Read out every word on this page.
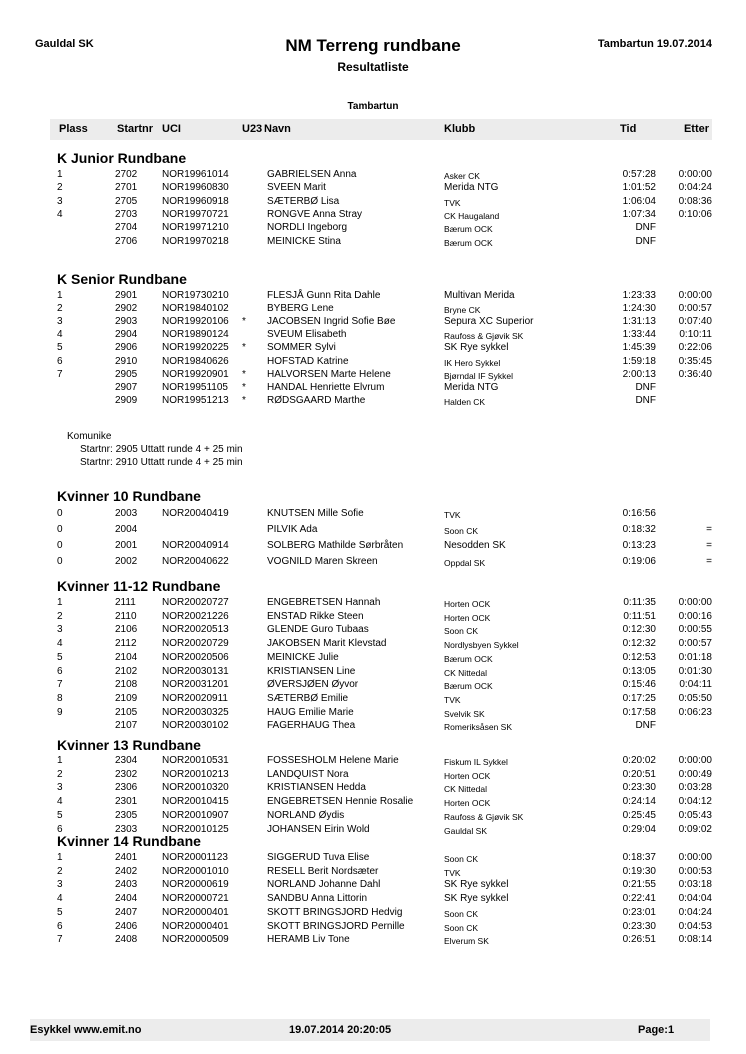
Gauldal SK	NM Terreng rundbane
Resultatliste
Tambartun 19.07.2014
Tambartun
Plass	Startnr UCI	U23 Navn	Klubb	Tid	Etter
K Junior Rundbane
1	2702 NOR19961014	GABRIELSEN Anna	Asker CK	0:57:28 0:00:00
2	2701 NOR19960830	SVEEN Marit	Merida NTG	1:01:52 0:04:24
3	2705 NOR19960918	SÆTERBØ Lisa	TVK	1:06:04 0:08:36
4	2703 NOR19970721	RONGVE Anna Stray	CK Haugaland	1:07:34 0:10:06
2704 NOR19971210	NORDLI Ingeborg	Bærum OCK	DNF
2706 NOR19970218	MEINICKE Stina	Bærum OCK	DNF
K Senior Rundbane
1	2901 NOR19730210	FLESJÅ Gunn Rita Dahle	Multivan Merida	1:23:33 0:00:00
2	2902 NOR19840102	BYBERG Lene	Bryne CK	1:24:30 0:00:57
3	2903 NOR19920106 * JACOBSEN Ingrid Sofie Bøe	Sepura XC Superior	1:31:13 0:07:40
4	2904 NOR19890124	SVEUM Elisabeth	Raufoss & Gjøvik SK	1:33:44 0:10:11
5	2906 NOR19920225 * SOMMER Sylvi	SK Rye sykkel	1:45:39 0:22:06
6	2910 NOR19840626	HOFSTAD Katrine	IK Hero Sykkel	1:59:18 0:35:45
7	2905 NOR19920901 * HALVORSEN Marte Helene	Bjørndal IF Sykkel	2:00:13 0:36:40
2907 NOR19951105 * HANDAL Henriette Elvrum	Merida NTG	DNF
2909 NOR19951213 * RØDSGAARD Marthe	Halden CK	DNF
Komunike
Startnr: 2905 Uttatt runde 4 + 25 min
Startnr: 2910 Uttatt runde 4 + 25 min
Kvinner 10 Rundbane
0	2003 NOR20040419	KNUTSEN Mille Sofie	TVK	0:16:56
0	2004	PILVIK Ada	Soon CK	0:18:32	=
0	2001 NOR20040914	SOLBERG Mathilde Sørbråten	Nesodden SK	0:13:23	=
0	2002 NOR20040622	VOGNILD Maren Skreen	Oppdal SK	0:19:06	=
Kvinner 11-12 Rundbane
1	2111	NOR20020727	ENGEBRETSEN Hannah	Horten OCK	0:11:35 0:00:00
2	2110	NOR20021226	ENSTAD Rikke Steen	Horten OCK	0:11:51 0:00:16
3	2106 NOR20020513	GLENDE Guro Tubaas	Soon CK	0:12:30 0:00:55
4	2112	NOR20020729	JAKOBSEN Marit Klevstad	Nordlysbyen Sykkel	0:12:32 0:00:57
5	2104 NOR20020506	MEINICKE Julie	Bærum OCK	0:12:53 0:01:18
6	2102 NOR20030131	KRISTIANSEN Line	CK Nittedal	0:13:05 0:01:30
7	2108 NOR20031201	ØVERSJØEN Øyvor	Bærum OCK	0:15:46 0:04:11
8	2109 NOR20020911	SÆTERBØ Emilie	TVK	0:17:25 0:05:50
9	2105 NOR20030325	HAUG Emilie Marie	Svelvik SK	0:17:58 0:06:23
2107 NOR20030102	FAGERHAUG Thea	Romeriksåsen SK	DNF
Kvinner 13 Rundbane
1	2304 NOR20010531	FOSSESHOLM Helene Marie	Fiskum IL Sykkel	0:20:02 0:00:00
2	2302 NOR20010213	LANDQUIST Nora	Horten OCK	0:20:51 0:00:49
3	2306 NOR20010320	KRISTIANSEN Hedda	CK Nittedal	0:23:30 0:03:28
4	2301 NOR20010415	ENGEBRETSEN Hennie Rosalie	Horten OCK	0:24:14 0:04:12
5	2305 NOR20010907	NORLAND Øydis	Raufoss & Gjøvik SK	0:25:45 0:05:43
6	2303 NOR20010125	JOHANSEN Eirin Wold	Gauldal SK	0:29:04 0:09:02
Kvinner 14 Rundbane
1	2401 NOR20001123	SIGGERUD Tuva Elise	Soon CK	0:18:37 0:00:00
2	2402 NOR20001010	RESELL Berit Nordsæter	TVK	0:19:30 0:00:53
3	2403 NOR20000619	NORLAND Johanne Dahl	SK Rye sykkel	0:21:55 0:03:18
4	2404 NOR20000721	SANDBU Anna Littorin	SK Rye sykkel	0:22:41 0:04:04
5	2407 NOR20000401	SKOTT BRINGSJORD Hedvig	Soon CK	0:23:01 0:04:24
6	2406 NOR20000401	SKOTT BRINGSJORD Pernille	Soon CK	0:23:30 0:04:53
7	2408 NOR20000509	HERAMB Liv Tone	Elverum SK	0:26:51 0:08:14
Esykkel www.emit.no	19.07.2014 20:20:05	Page:1
